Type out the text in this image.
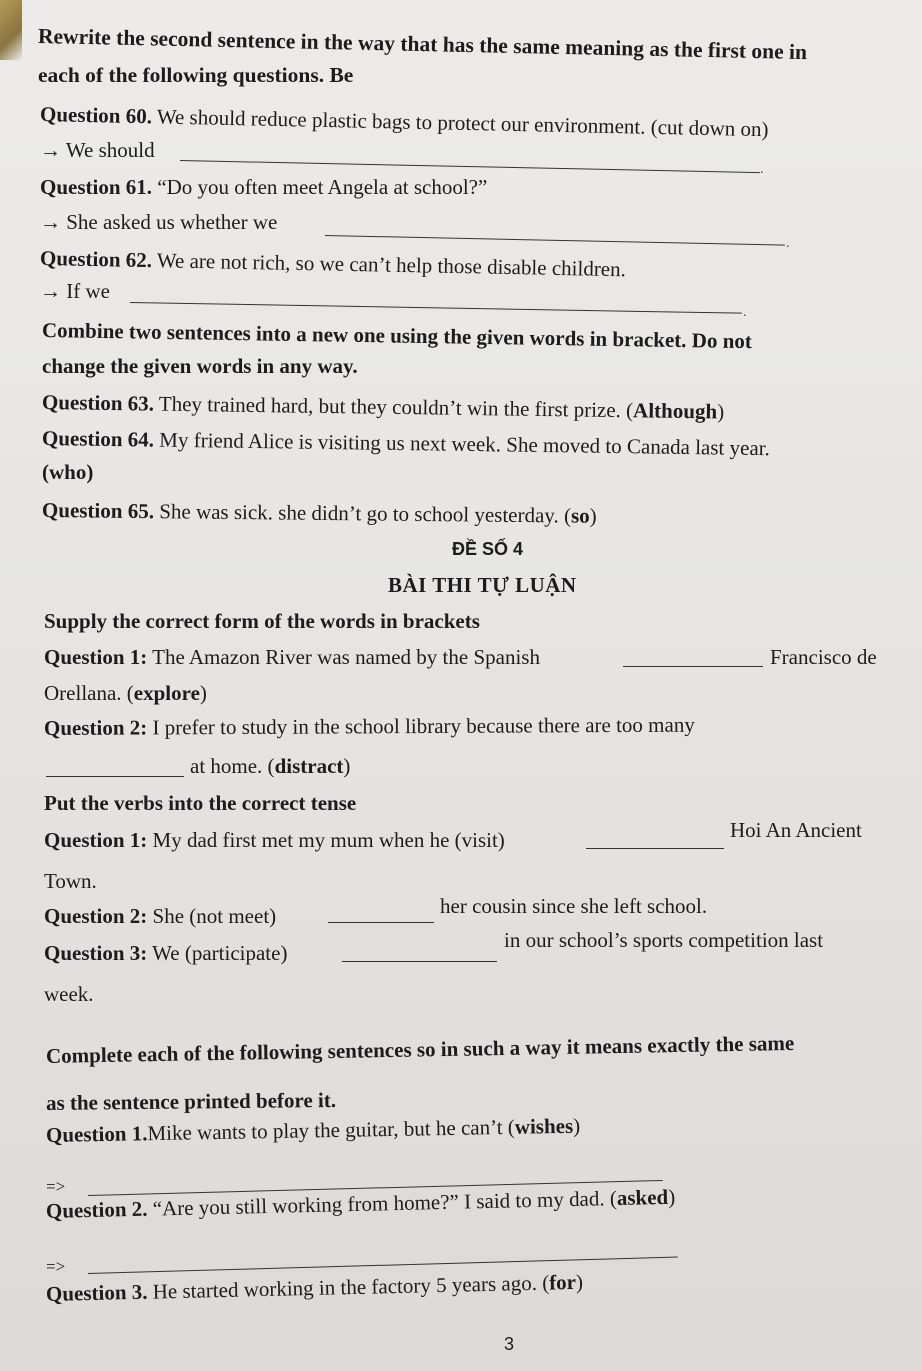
Rewrite the second sentence in the way that has the same meaning as the first one in
each of the following questions. Be
Question 60. We should reduce plastic bags to protect our environment. (cut down on)
→ We should
.
Question 61. “Do you often meet Angela at school?”
→ She asked us whether we
.
Question 62. We are not rich, so we can’t help those disable children.
→ If we
.
Combine two sentences into a new one using the given words in bracket. Do not
change the given words in any way.
Question 63. They trained hard, but they couldn’t win the first prize. (Although)
Question 64. My friend Alice is visiting us next week. She moved to Canada last year.
(who)
Question 65. She was sick. she didn’t go to school yesterday. (so)
ĐỀ SỐ 4
BÀI THI TỰ LUẬN
Supply the correct form of the words in brackets
Question 1: The Amazon River was named by the Spanish	Francisco de
Orellana. (explore)
Question 2: I prefer to study in the school library because there are too many
at home. (distract)
Put the verbs into the correct tense
Question 1: My dad first met my mum when he (visit)	Hoi An Ancient
Town.
Question 2: She (not meet)	her cousin since she left school.
Question 3: We (participate)
in our school’s sports competition last
week.
Complete each of the following sentences so in such a way it means exactly the same
as the sentence printed before it.
Question 1.Mike wants to play the guitar, but he can’t (wishes)
=>
Question 2. “Are you still working from home?” I said to my dad. (asked)
=>
Question 3. He started working in the factory 5 years ago. (for)
3
